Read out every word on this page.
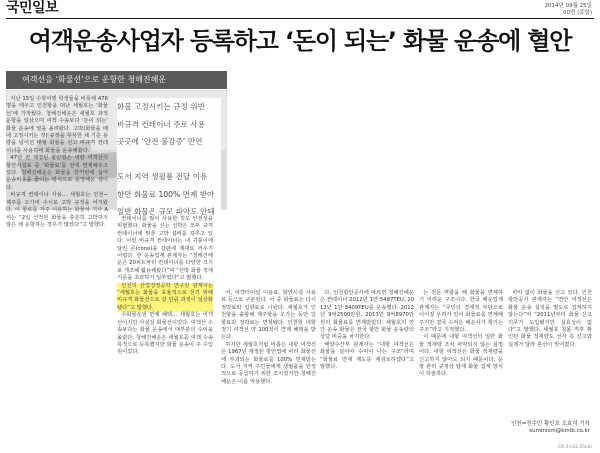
국민일보	2014년 09월 25일
00면 (종합)
여객운송사업자 등록하고 ‘돈이 되는’ 화물 운송에 혈안
여객선을 ‘화물선’으로 운항한 청해진해운
화물 고정시키는 규정 위반
비규격 컨테이너 주로 사용
곳곳에 ‘안전 불감증’ 만연

도서 지역 생필품 전달 이유
항만 화물료 100% 면제 받아
일반 화물은 규모 파악도 안돼

지난 15일 수학여행 학생들을 비롯해 476명을 태우고 인천항을 떠난 세월호는 ‘화물선’에 가까웠다. 청해진해운은 세월호 과적 운항을 일삼으며 여객 수송보다 ‘돈이 되는’ 화물 운송에 열을 올려왔다. 고박(화물을 배에 고정시키는 것) 규정을 무시한 채 기준 용량을 넘어선 대형 화물을 싣고 비규격 컨테이너를 사용하며 화물을 운송해왔다.

47년 전 제정된 항만법은 내항 여객선의 항만시설료 중 ‘화물료’를 전액 면제해주고 있다. 청해진해운은 화물을 한꺼번에 실어 운송비용을 줄이는 방식으로 운영해온 셈이다.

비규격 컨테이너 사용… 세월호는 인천∼제주를 오가며 수시로 고박 규정을 어겨왔다. 이 항로를 자주 이용하는 화물차 기사 A씨는 “2일 선적된 화물을 충분히 고박하지 않은 채 운항하는 경우가 많았다”고 말했다.

컨테이너를 많이 사용한 것도 안전성을 위협했다. 화물을 싣는 선박은 모두 규격 컨테이너에 맞춘 고박 설비를 갖추고 있다. 이런 비규격 컨테이너는 내 귀퉁이에 달린 콘(cone)을 갑판에 제대로 끼우기 어렵다. 한 운송업계 관계자는 “청해진해운은 20피트짜리 컨테이너를 다양한 크기로 개조해 활용해왔다”며 “선박 화물 적재 기준을 초과하기 일쑤였다”고 말했다.

인천의 산업경영공학 연구원 관계자는 “세월호는 화물을 효율적으로 싣기 위해 비규격 화물선으로 갈 만큼 과적이 일상화됐다”고 말했다.

수화물운임 면제 혜택… 세월호는 여객선이지만 사실상 화물선이었다. 여객선 수송보다는 화물 운송에서 대부분의 수익을 올렸다. 청해진해운은 세월호를 여객 수송 목적으로 등록했지만 화물 운송이 주 수입원이었다.

여, 여객터미널 이용료, 항만시설 사용료 등으로 구분된다. 이 중 화물료는 다시 정박료와 입항료로 나뉜다. 세월호가 인천항을 출항해 제주항을 오가는 동안 입항료와 정박료는 면제됐다. 인천항 내항 정기 여객선 약 100척이 면제 혜택을 받는다.

하지만 세월호처럼 비좁은 내항 여객선은 1967년 제정된 항만법에 따라 화물선에 부과되는 화물료를 100% 면제받는다. 도서 지역 주민들에게 생필품을 안정적으로 공급하기 위한 조치였지만 청해진해운은 이를 악용했다.

다. 인천항만공사에 따르면 청해진해운은 컨테이너 2012년 1만 5487TEU, 2013년 1만 8409TEU를 운송했다. 2012년 9억2500만원, 2013년 9억8970만원의 화물료를 면제받았다. 세월호의 연간 운송 화물은 전국 항만 화물 운송량의 상당 비중을 차지한다.

해양수산부 관계자는 “내항 여객선은 화물을 실어야 수익이 나는 구조”라며 “화물료 면제 제도를 재검토하겠다”고 말했다.

는 전문 역할을 해 화물을 면제하기 어려운 구조이다. 한국 해운업계 관계자는 “국민의 경제적 부담으로 이어질 우려가 있어 화물료를 면제해 주지만 결국 수익은 해운사가 챙기는 구조”라고 지적했다.

이 때문에 내항 여객선의 일반 화물 적재량 조차 파악되지 않는 실정이다. 내항 여객선은 화물 적재량을 신고하지 않아도 되기 때문이다. 운항 관리 규정상 탑재 화물 집계 방식이 허술하다.

파악 없이 화물을 싣고 있다. 인천항만공사 관계자는 “연안 여객선은 화물 운송 실적을 별도로 집계하지 않는다”며 “2011년부터 화물 신고 의무가 도입됐지만 실효성이 없다”고 말했다. 세월호 침몰 직후 확인된 화물 적재량도 선사 측 신고와 실제가 달라 혼선이 빚어졌다.

인천=전수민 황인호 조효석 기자
suminism@kmib.co.kr
CR-3>22.55cm
